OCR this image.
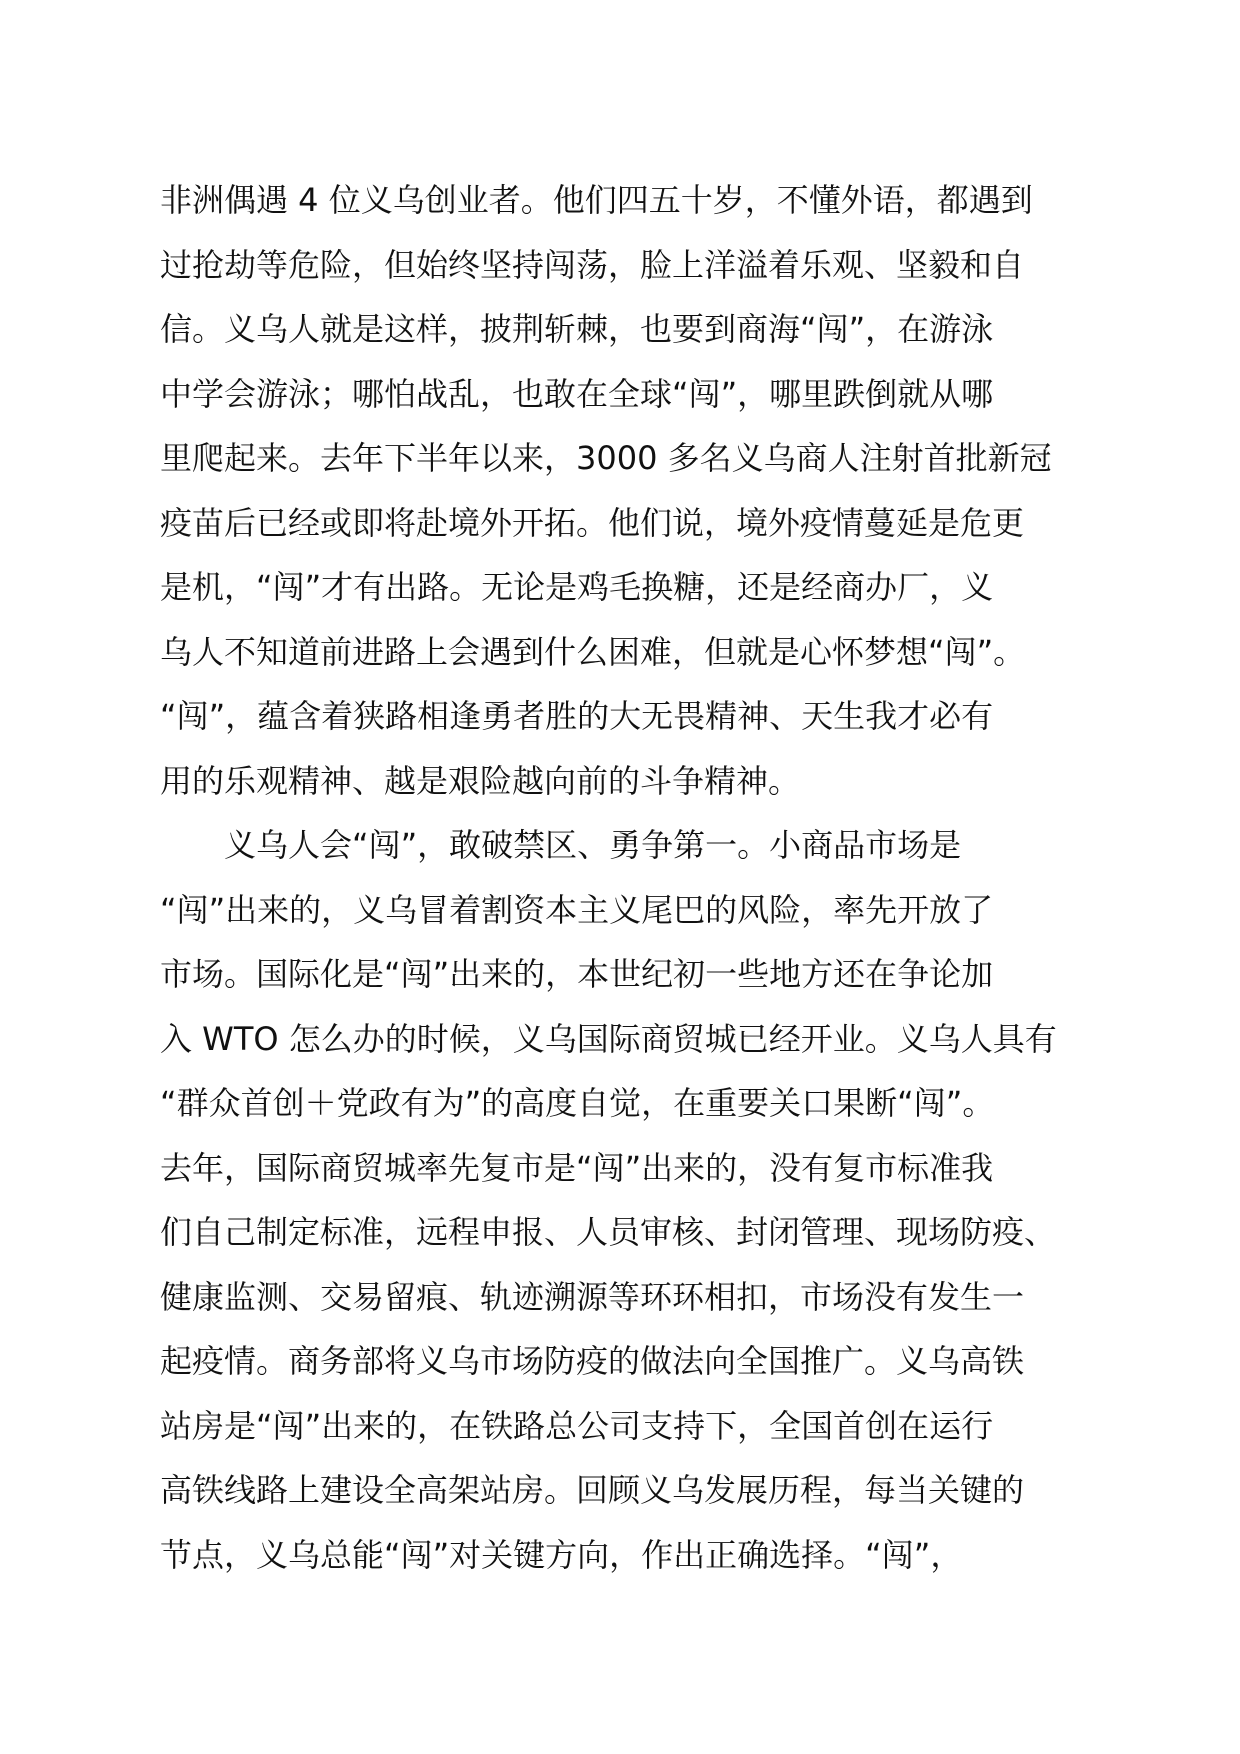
非洲偶遇 4 位义乌创业者。他们四五十岁，不懂外语，都遇到
过抢劫等危险，但始终坚持闯荡，脸上洋溢着乐观、坚毅和自
信。义乌人就是这样，披荆斩棘，也要到商海“闯”，在游泳
中学会游泳；哪怕战乱，也敢在全球“闯”，哪里跌倒就从哪
里爬起来。去年下半年以来，3000 多名义乌商人注射首批新冠
疫苗后已经或即将赴境外开拓。他们说，境外疫情蔓延是危更
是机，“闯”才有出路。无论是鸡毛换糖，还是经商办厂，义
乌人不知道前进路上会遇到什么困难，但就是心怀梦想“闯”。
“闯”，蕴含着狭路相逢勇者胜的大无畏精神、天生我才必有
用的乐观精神、越是艰险越向前的斗争精神。
义乌人会“闯”，敢破禁区、勇争第一。小商品市场是
“闯”出来的，义乌冒着割资本主义尾巴的风险，率先开放了
市场。国际化是“闯”出来的，本世纪初一些地方还在争论加
入 WTO 怎么办的时候，义乌国际商贸城已经开业。义乌人具有
“群众首创＋党政有为”的高度自觉，在重要关口果断“闯”。
去年，国际商贸城率先复市是“闯”出来的，没有复市标准我
们自己制定标准，远程申报、人员审核、封闭管理、现场防疫、
健康监测、交易留痕、轨迹溯源等环环相扣，市场没有发生一
起疫情。商务部将义乌市场防疫的做法向全国推广。义乌高铁
站房是“闯”出来的，在铁路总公司支持下，全国首创在运行
高铁线路上建设全高架站房。回顾义乌发展历程，每当关键的
节点，义乌总能“闯”对关键方向，作出正确选择。“闯”，
